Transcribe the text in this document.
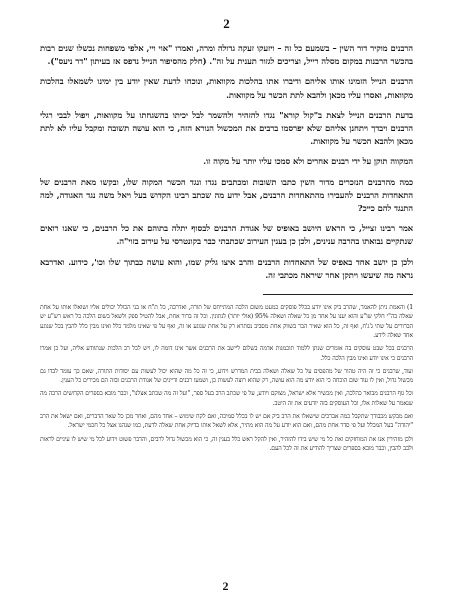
2

הרבנים מוקיר דור השין – בשמעם כל זה – ויזעקו זעקה גדולה ומרה, ואמרו "אוי ויי, אלפי משפחות נכשלו שנים רבות בהכשר הרבנות במקום מסלה רייל, וצריכים לגזור תענית על זה". (חלק מהסיפור הנייל נדפס אז בעיתון "דר ניעס").

הרבנים הנייל הזמינו אותו אליהם ודיברו אתו בהלכות מקוואות, ונוכחו לדעת שאין יודע בין ימינו לשמאלו בהלכות מקוואות, ואסרו עליו מכאן ולהבא לתת הכשר על מקוואות.

בדעת הרבנים הנייל לצאת ב"קול קורא" נגדו להזהיר ולהשמר לבל יכיתו בהשגחתו על מקוואות, ויפול לבבי רגלי הרבנים ויבדך ויתחנן אליהם שלא יפרסמו ברבים את המכשול הנורא הזה, כי הוא עושה תשובה ומקבל עליו לא לתת מכאן ולהבא הכשר על מקוואות.

המקווה תוקן על ידי רבנים אחרים ולא סמכו עליו יותר על מקוה זו.

כמה מהרבנים הנזכרים מדור השין כתבו תשובות ומכתבים נגדו ונגד הכשר המקוה שלו, ובקשו מאת הרבנים של התאחדות הרבנים להעבירו מהתאחדות הרבנים, אבל ידוע מה שכתב רבינו הקדוש בעל ויאל משה נגד האגודה, למה התנגד להם כייכ?

אמר רבינו זצייל, כי הראש היושב באופיס של אגודת הרבנים לבסוף יתלה בתוהם את כל הרבנים, כי שאנו רואים שנתקיים נבואתו בהרבה ענינים, ולכן כן בענין העירוב שכתבתי כבר בקונטרסי על עירוב בזוי"ה.

ולכן כן יושב אחד באפיס של התאחדות הרבנים והרב איצו גליק שמו, והוא עושה כבתוך שלו וכו', כידוע. ואדרבא נראה מה שיעשו ויתקן אחר שיראה מכתבי זה.

1) והאמת ניתן להאמר, שהרב ביק אינו יודע בכלל פוסקים כמעט משום הלכה המתייחס של תורה, ואדרבה, כל ת"ח או בני הכולל יכולים אליו ושואלו אותו על אחת שאלה בה"י חלקי שו"ע והוא יענו על אחד מן כל שאלה ושאלה 95% (אולי יותר) לנתונין. וכל זה ברור אחת, אבל להטיל ספק ולשאל בשום הלכה כל ראש רש"ע יש הברורים על שתי ג'ג'ח, ואף זה, כל הוא שאיר הבר בשווק אחת מסביב נסתרא רק על אחת שנוגע או זה, ואף על פי שאינו מלמד כלל ואינו מבין כלל להבין בכל שנוגע אחד שאלה לידע.

הרבנים בכל שבט עוסקים בה אומרים שנתן ללמוד תוכמנות אדמה בשלום ליישב את הרבנים אשר אינו דומה לו, ויש לכל רב הלכות שנתוודע אליה, ועל כן אמרו הרבנים כי אינו יודע ואינו מבין הלכה כלל.

ועוד, שרבנים כי זה היה טהור של מהפסים על כל שאלה ושאלה בבית המדרש וידוע, כי זה כל מה שהוא יכול לעשות עם יסודות התורה, שאם כך עומד לבדו גם מכשול גדול, ואין לו עוד שום הוכחה כי הוא יודע מה הוא עושה, רק שהוא רוצה לעשות כן, ושמעו רבנים ודיינים של אגודת הרבנים ובזה הם מכירים כל הענין.

וכל גוף הרבנים מבואר כהלכה, ואין מכשיר אלא ישראל, מצוקם ויודע, על פי שכתב הרב בעל ספר, "ועל זה מה שכתב אצלנו", וכבר מובא בספרים הקדושים הרבה מה שנאמר על שאלות אלו, וכל העוסקים בזה יודעים את זה היטב.

ואם מבקש מכבודך שתקבל כמה אברכים שישאלו את הרב ביק אם יש לו בכלל סמיכה, ואם לקח שימוש – אחד מהם, ואחר מכן כל שאר הדברים, ואם ישאל את הרב "יהודה" בעל המכלל ועל פי סדר אחת מהם, ואם הוא יודע על מה הוא מתיר, אלא לשאל אותו בדיוק אחת שאלה לדעת, כמו שנהגו אצל כל חכמי ישראל.

ולכן מזהירין אנו את המוחזקים ואת כל מי שיש בידו להזהיר, ואין להקל ראש כלל בענין זה, כי הוא מכשול גדול לרבים, והדבר פשוט וידוע לכל מי שיש לו עיניים לראות ולבב להבין, וכבר מובא בספרים שצריך להודיע את זה לכל העם.

2
